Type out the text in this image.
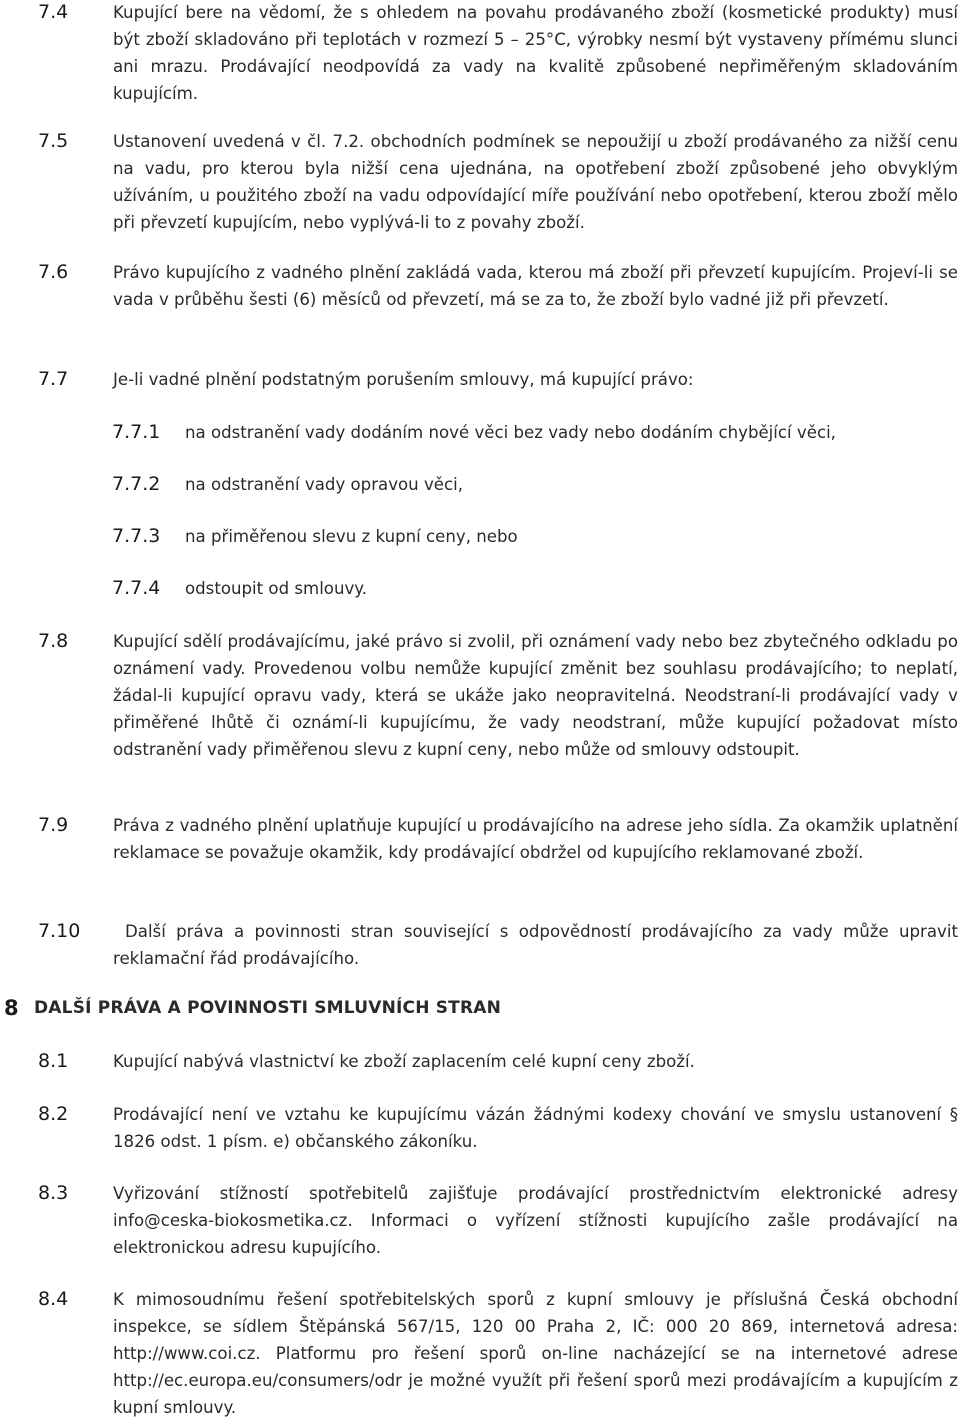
7.4	Kupující bere na vědomí, že s ohledem na povahu prodávaného zboží (kosmetické produkty) musí být zboží skladováno při teplotách v rozmezí 5 – 25°C, výrobky nesmí být vystaveny přímému slunci ani mrazu. Prodávající neodpovídá za vady na kvalitě způsobené nepřiměřeným skladováním kupujícím.
7.5	Ustanovení uvedená v čl. 7.2. obchodních podmínek se nepoužijí u zboží prodávaného za nižší cenu na vadu, pro kterou byla nižší cena ujednána, na opotřebení zboží způsobené jeho obvyklým užíváním, u použitého zboží na vadu odpovídající míře používání nebo opotřebení, kterou zboží mělo při převzetí kupujícím, nebo vyplývá-li to z povahy zboží.
7.6	Právo kupujícího z vadného plnění zakládá vada, kterou má zboží při převzetí kupujícím. Projeví-li se vada v průběhu šesti (6) měsíců od převzetí, má se za to, že zboží bylo vadné již při převzetí.
7.7	Je-li vadné plnění podstatným porušením smlouvy, má kupující právo:
7.7.1 na odstranění vady dodáním nové věci bez vady nebo dodáním chybějící věci,
7.7.2 na odstranění vady opravou věci,
7.7.3 na přiměřenou slevu z kupní ceny, nebo
7.7.4 odstoupit od smlouvy.
7.8	Kupující sdělí prodávajícímu, jaké právo si zvolil, při oznámení vady nebo bez zbytečného odkladu po oznámení vady. Provedenou volbu nemůže kupující změnit bez souhlasu prodávajícího; to neplatí, žádal-li kupující opravu vady, která se ukáže jako neopravitelná. Neodstraní-li prodávající vady v přiměřené lhůtě či oznámí-li kupujícímu, že vady neodstraní, může kupující požadovat místo odstranění vady přiměřenou slevu z kupní ceny, nebo může od smlouvy odstoupit.
7.9	Práva z vadného plnění uplatňuje kupující u prodávajícího na adrese jeho sídla. Za okamžik uplatnění reklamace se považuje okamžik, kdy prodávající obdržel od kupujícího reklamované zboží.
7.10	Další práva a povinnosti stran související s odpovědností prodávajícího za vady může upravit reklamační řád prodávajícího.
8 DALŠÍ PRÁVA A POVINNOSTI SMLUVNÍCH STRAN
8.1	Kupující nabývá vlastnictví ke zboží zaplacením celé kupní ceny zboží.
8.2	Prodávající není ve vztahu ke kupujícímu vázán žádnými kodexy chování ve smyslu ustanovení § 1826 odst. 1 písm. e) občanského zákoníku.
8.3	Vyřizování stížností spotřebitelů zajišťuje prodávající prostřednictvím elektronické adresy info@ceska-biokosmetika.cz. Informaci o vyřízení stížnosti kupujícího zašle prodávající na elektronickou adresu kupujícího.
8.4	K mimosoudnímu řešení spotřebitelských sporů z kupní smlouvy je příslušná Česká obchodní inspekce, se sídlem Štěpánská 567/15, 120 00 Praha 2, IČ: 000 20 869, internetová adresa: http://www.coi.cz. Platformu pro řešení sporů on-line nacházející se na internetové adrese http://ec.europa.eu/consumers/odr je možné využít při řešení sporů mezi prodávajícím a kupujícím z kupní smlouvy.
